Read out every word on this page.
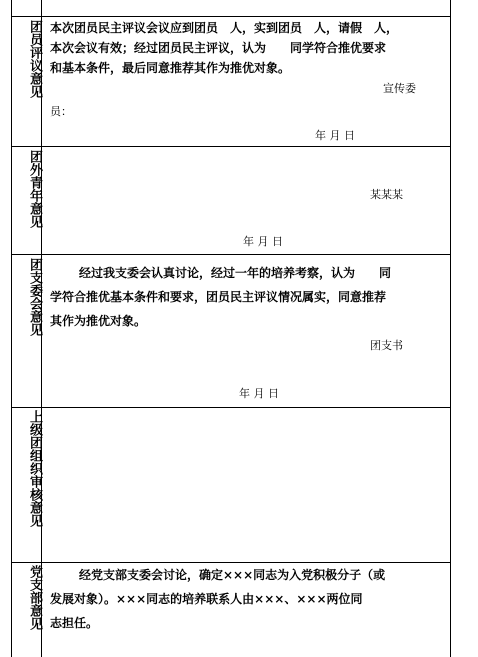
团员评议意见 本次团员民主评议会议应到团员　人，实到团员　人，请假　人，
本次会议有效；经过团员民主评议，认为　　同学符合推优要求
和基本条件，最后同意推荐其作为推优对象。
宣传委
员：
年 月 日
团外青年意见	某某某
年 月 日
团支委会意见	经过我支委会认真讨论，经过一年的培养考察，认为　　同
学符合推优基本条件和要求，团员民主评议情况属实，同意推荐
其作为推优对象。
团支书
年 月 日
上级团组织审核意见
党支部意见	经党支部支委会讨论，确定×××同志为入党积极分子（或
发展对象）。×××同志的培养联系人由×××、×××两位同
志担任。
